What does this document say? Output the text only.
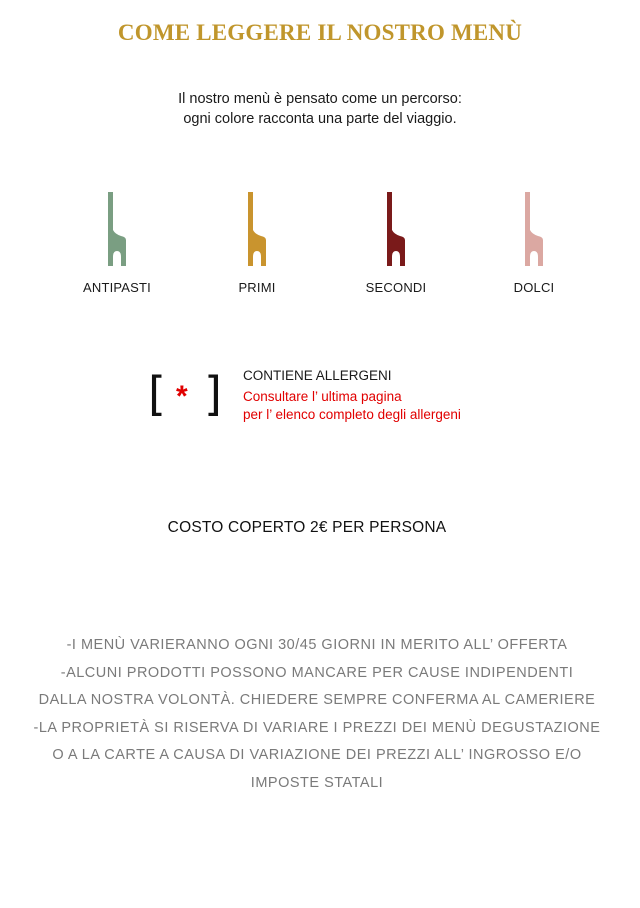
COME LEGGERE IL NOSTRO MENÙ
Il nostro menù è pensato come un percorso:
ogni colore racconta una parte del viaggio.
ANTIPASTI	PRIMI	SECONDI	DOLCI
[ * ] CONTIENE ALLERGENI
Consultare l’ ultima pagina
per l’ elenco completo degli allergeni
COSTO COPERTO 2€ PER PERSONA
-I MENÙ VARIERANNO OGNI 30/45 GIORNI IN MERITO ALL’ OFFERTA
-ALCUNI PRODOTTI POSSONO MANCARE PER CAUSE INDIPENDENTI
DALLA NOSTRA VOLONTÀ. CHIEDERE SEMPRE CONFERMA AL CAMERIERE
-LA PROPRIETÀ SI RISERVA DI VARIARE I PREZZI DEI MENÙ DEGUSTAZIONE
O A LA CARTE A CAUSA DI VARIAZIONE DEI PREZZI ALL’ INGROSSO E/O
IMPOSTE STATALI
